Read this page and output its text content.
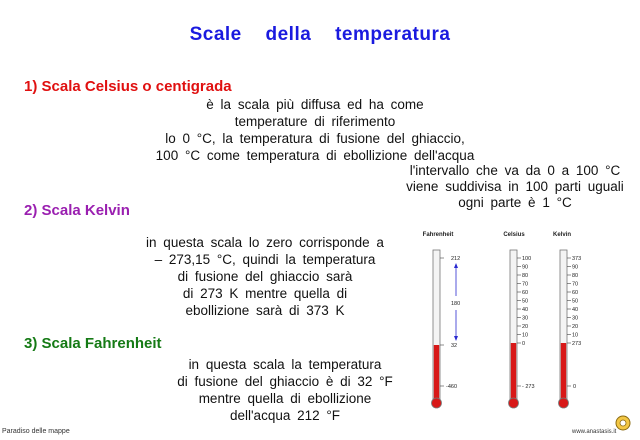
Scale della temperatura
1) Scala Celsius o centigrada
è la scala più diffusa ed ha come
temperature di riferimento
lo 0 °C, la temperatura di fusione del ghiaccio,
100 °C come temperatura di ebollizione dell'acqua
l'intervallo che va da 0 a 100 °C
viene suddivisa in 100 parti uguali
ogni parte è 1 °C
2) Scala Kelvin
in questa scala lo zero corrisponde a
– 273,15 °C, quindi la temperatura
di fusione del ghiaccio sarà
di 273 K mentre quella di
ebollizione sarà di 373 K
3) Scala Fahrenheit
in questa scala la temperatura
di fusione del ghiaccio è di 32 °F
mentre quella di ebollizione
dell'acqua 212 °F
Fahrenheit
212
180
32
-460
Celsius
100
90
80
70
60
50
40
30
20
10
0
- 273
Kelvin
373
90
80
70
60
50
40
30
20
10
273
0
Paradiso delle mappe	www.anastasis.it
